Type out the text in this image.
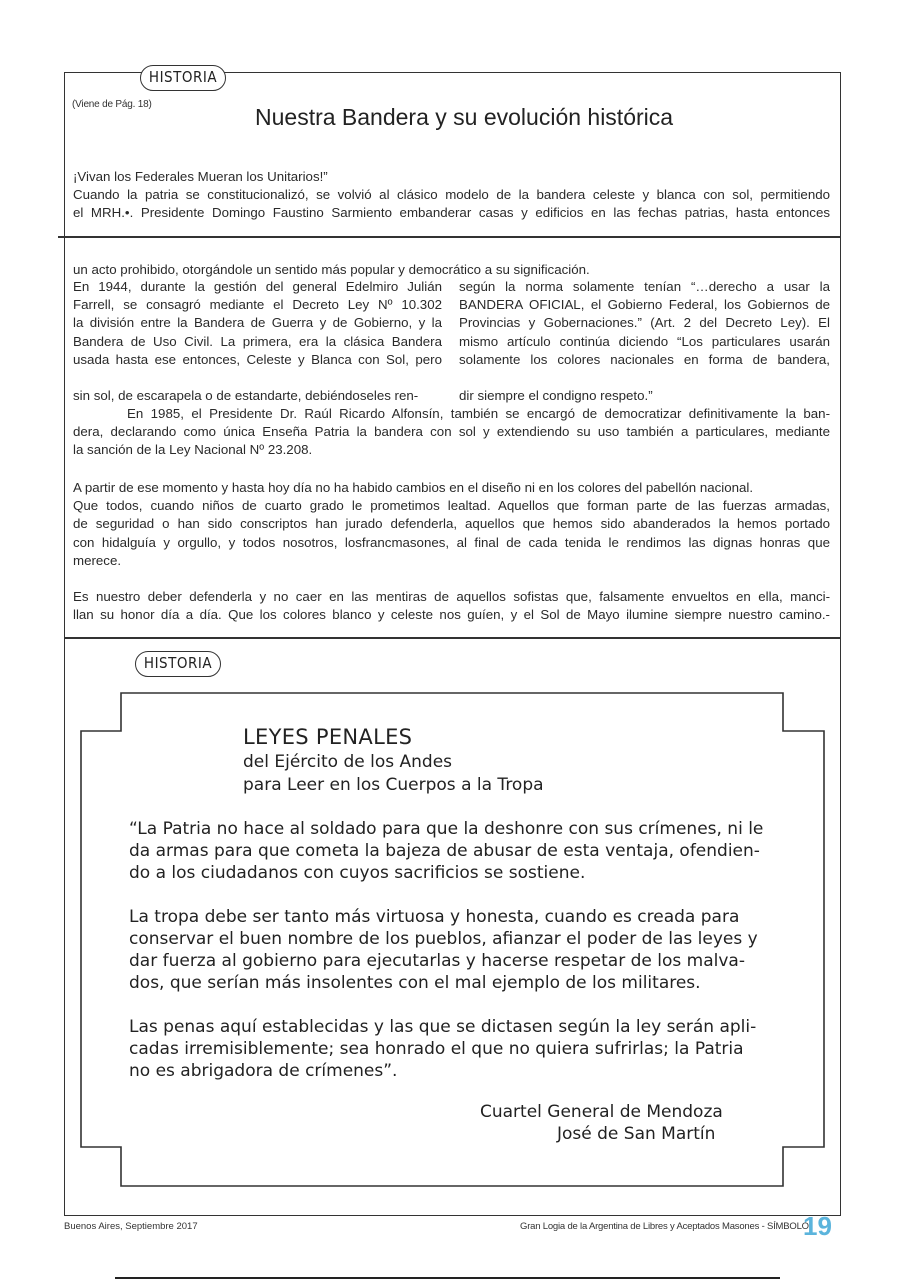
HISTORIA
(Viene de Pág. 18)	Nuestra Bandera y su evolución histórica
¡Vivan los Federales Mueran los Unitarios!”
Cuando la patria se constitucionalizó, se volvió al clásico modelo de la bandera celeste y blanca con sol, permitiendo
el MRH.•. Presidente Domingo Faustino Sarmiento embanderar casas y edificios en las fechas patrias, hasta entonces
un acto prohibido, otorgándole un sentido más popular y democrático a su significación.
En 1944, durante la gestión del general Edelmiro Julián
Farrell, se consagró mediante el Decreto Ley Nº 10.302
la división entre la Bandera de Guerra y de Gobierno, y la
Bandera de Uso Civil. La primera, era la clásica Bandera
usada hasta ese entonces, Celeste y Blanca con Sol, pero
según la norma solamente tenían “…derecho a usar la
BANDERA OFICIAL, el Gobierno Federal, los Gobiernos de
Provincias y Gobernaciones.” (Art. 2 del Decreto Ley). El
mismo artículo continúa diciendo “Los particulares usarán
solamente los colores nacionales en forma de bandera,
sin sol, de escarapela o de estandarte, debiéndoseles ren-	dir siempre el condigno respeto.”
En 1985, el Presidente Dr. Raúl Ricardo Alfonsín, también se encargó de democratizar definitivamente la ban-
dera, declarando como única Enseña Patria la bandera con sol y extendiendo su uso también a particulares, mediante
la sanción de la Ley Nacional Nº 23.208.
A partir de ese momento y hasta hoy día no ha habido cambios en el diseño ni en los colores del pabellón nacional.
Que todos, cuando niños de cuarto grado le prometimos lealtad. Aquellos que forman parte de las fuerzas armadas,
de seguridad o han sido conscriptos han jurado defenderla, aquellos que hemos sido abanderados la hemos portado
con hidalguía y orgullo, y todos nosotros, losfrancmasones, al final de cada tenida le rendimos las dignas honras que
merece.
Es nuestro deber defenderla y no caer en las mentiras de aquellos sofistas que, falsamente envueltos en ella, manci-
llan su honor día a día. Que los colores blanco y celeste nos guíen, y el Sol de Mayo ilumine siempre nuestro camino.-
HISTORIA
LEYES PENALES
del Ejército de los Andes
para Leer en los Cuerpos a la Tropa
“La Patria no hace al soldado para que la deshonre con sus crímenes, ni le
da armas para que cometa la bajeza de abusar de esta ventaja, ofendien-
do a los ciudadanos con cuyos sacrificios se sostiene.
La tropa debe ser tanto más virtuosa y honesta, cuando es creada para
conservar el buen nombre de los pueblos, afianzar el poder de las leyes y
dar fuerza al gobierno para ejecutarlas y hacerse respetar de los malva-
dos, que serían más insolentes con el mal ejemplo de los militares.
Las penas aquí establecidas y las que se dictasen según la ley serán apli-
cadas irremisiblemente; sea honrado el que no quiera sufrirlas; la Patria
no es abrigadora de crímenes”.
Cuartel General de Mendoza
José de San Martín
Buenos Aires, Septiembre 2017	Gran Logia de la Argentina de Libres y Aceptados Masones - SÍMBOLO
19
